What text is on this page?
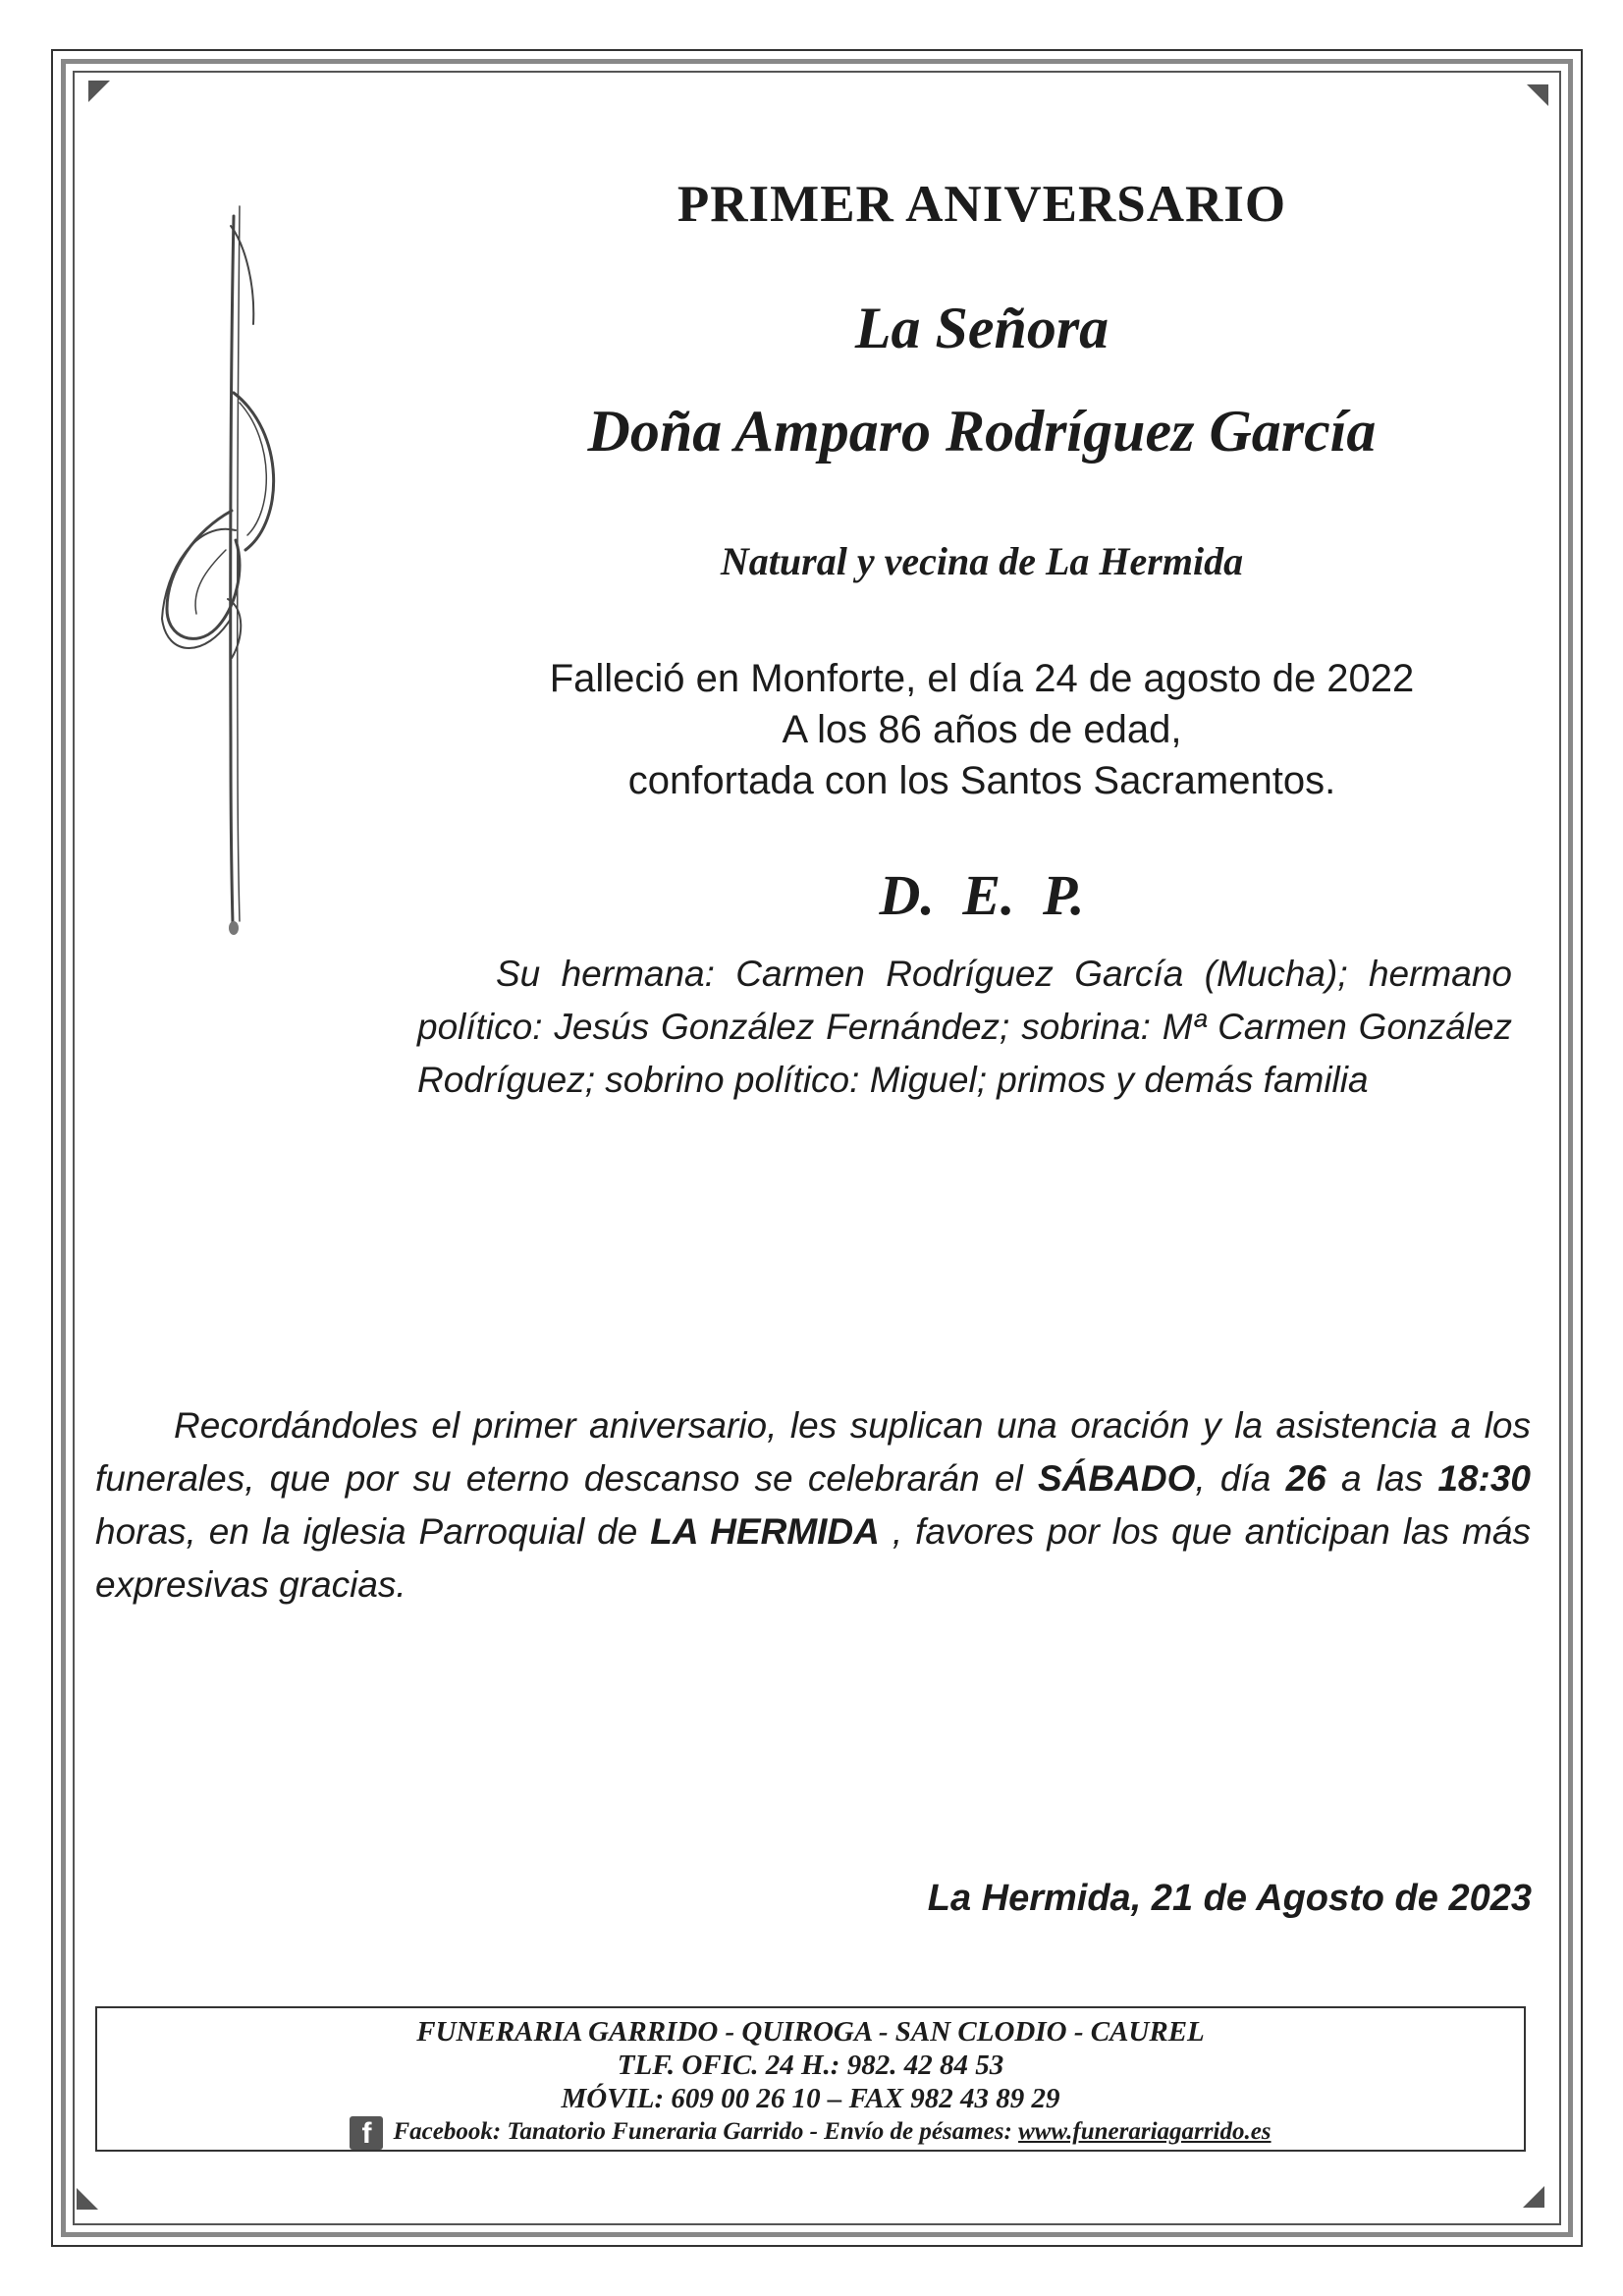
PRIMER ANIVERSARIO
La Señora
Doña Amparo Rodríguez García
Natural y vecina de La Hermida
Falleció en Monforte, el día 24 de agosto de 2022
A los 86 años de edad,
confortada con los Santos Sacramentos.
D. E. P.
Su hermana: Carmen Rodríguez García (Mucha); hermano político: Jesús González Fernández; sobrina: Mª Carmen González Rodríguez; sobrino político: Miguel; primos y demás familia
Recordándoles el primer aniversario, les suplican una oración y la asistencia a los funerales, que por su eterno descanso se celebrarán el SÁBADO, día 26 a las 18:30 horas, en la iglesia Parroquial de LA HERMIDA , favores por los que anticipan las más expresivas gracias.
La Hermida, 21 de Agosto de 2023
FUNERARIA GARRIDO - QUIROGA - SAN CLODIO - CAUREL
TLF. OFIC. 24 H.: 982. 42 84 53
MÓVIL: 609 00 26 10 – FAX 982 43 89 29
f Facebook: Tanatorio Funeraria Garrido - Envío de pésames: www.funerariagarrido.es
